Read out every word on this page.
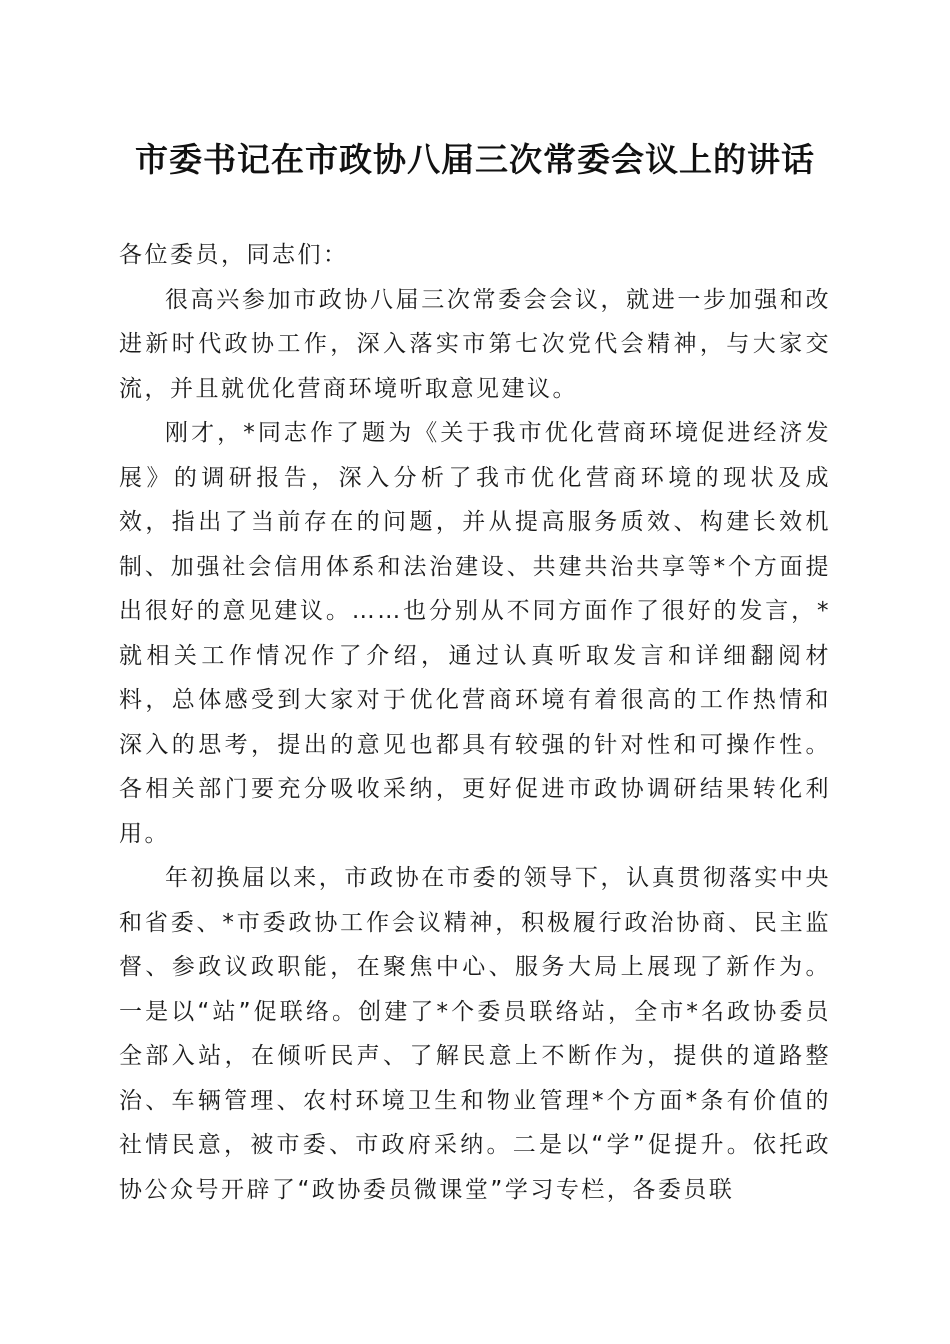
市委书记在市政协八届三次常委会议上的讲话

各位委员，同志们：

很高兴参加市政协八届三次常委会会议，就进一步加强和改进新时代政协工作，深入落实市第七次党代会精神，与大家交流，并且就优化营商环境听取意见建议。

刚才，*同志作了题为《关于我市优化营商环境促进经济发展》的调研报告，深入分析了我市优化营商环境的现状及成效，指出了当前存在的问题，并从提高服务质效、构建长效机制、加强社会信用体系和法治建设、共建共治共享等*个方面提出很好的意见建议。……也分别从不同方面作了很好的发言，*就相关工作情况作了介绍，通过认真听取发言和详细翻阅材料，总体感受到大家对于优化营商环境有着很高的工作热情和深入的思考，提出的意见也都具有较强的针对性和可操作性。各相关部门要充分吸收采纳，更好促进市政协调研结果转化利用。

年初换届以来，市政协在市委的领导下，认真贯彻落实中央和省委、*市委政协工作会议精神，积极履行政治协商、民主监督、参政议政职能，在聚焦中心、服务大局上展现了新作为。一是以“站”促联络。创建了*个委员联络站，全市*名政协委员全部入站，在倾听民声、了解民意上不断作为，提供的道路整治、车辆管理、农村环境卫生和物业管理*个方面*条有价值的社情民意，被市委、市政府采纳。二是以“学”促提升。依托政协公众号开辟了“政协委员微课堂”学习专栏，各委员联
